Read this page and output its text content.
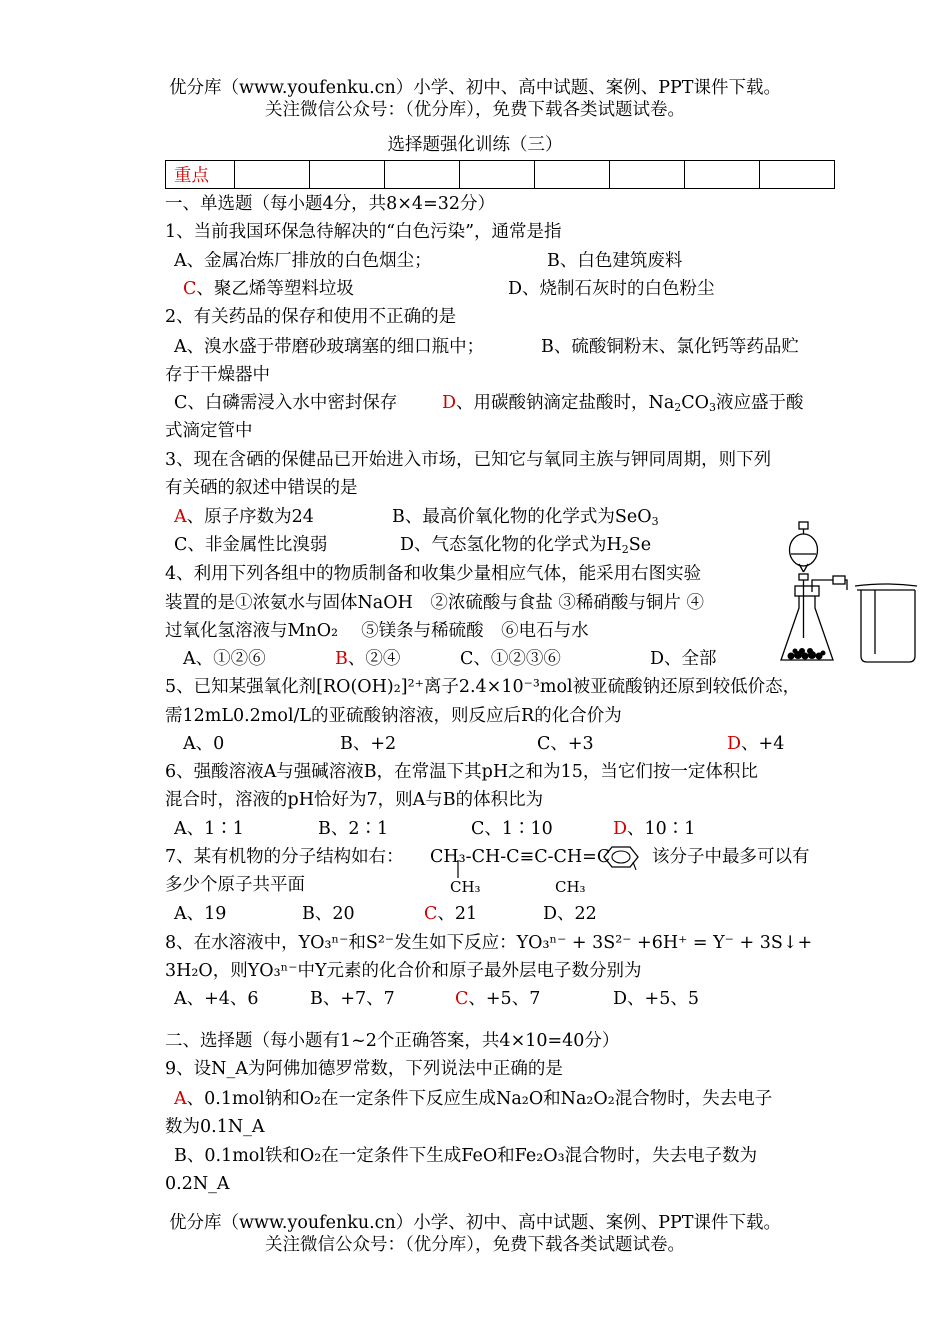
优分库（www.youfenku.cn）小学、初中、高中试题、案例、PPT课件下载。
关注微信公众号：（优分库），免费下载各类试题试卷。
选择题强化训练（三）
重点								
一、单选题（每小题4分，共8×4=32分）
1、当前我国环保急待解决的“白色污染”，通常是指
A、金属冶炼厂排放的白色烟尘；	B、白色建筑废料
C、聚乙烯等塑料垃圾	D、烧制石灰时的白色粉尘
2、有关药品的保存和使用不正确的是
A、溴水盛于带磨砂玻璃塞的细口瓶中；	B、硫酸铜粉末、氯化钙等药品贮
存于干燥器中
C、白磷需浸入水中密封保存	D、用碳酸钠滴定盐酸时，$Na_2CO_3$液应盛于酸
式滴定管中
3、现在含硒的保健品已开始进入市场，已知它与氧同主族与钾同周期，则下列
有关硒的叙述中错误的是
A、原子序数为24	B、最高价氧化物的化学式为SeO$_3$
C、非金属性比溴弱	D、气态氢化物的化学式为$H_2Se$
4、利用下列各组中的物质制备和收集少量相应气体，能采用右图实验
装置的是①浓氨水与固体NaOH　②浓硫酸与食盐 ③稀硝酸与铜片 ④
过氧化氢溶液与MnO₂　 ⑤镁条与稀硫酸　⑥电石与水
A、①②⑥	B、②④	C、①②③⑥	D、全部
5、已知某强氧化剂[RO(OH)₂]²⁺离子2.4×10⁻³mol被亚硫酸钠还原到较低价态，
需12mL0.2mol/L的亚硫酸钠溶液，则反应后R的化合价为
A、0	B、+2	C、+3	D、+4
6、强酸溶液A与强碱溶液B，在常温下其pH之和为15，当它们按一定体积比
混合时，溶液的pH恰好为7，则A与B的体积比为
A、1∶1	B、2∶1	C、1∶10	D、10∶1
7、某有机物的分子结构如右： CH₃-CH-C≡C-CH=C 该分子中最多可以有
CH₃	CH₃
多少个原子共平面
A、19	B、20	C、21	D、22
8、在水溶液中，YO₃ⁿ⁻和S²⁻发生如下反应：YO₃ⁿ⁻ + 3S²⁻ +6H⁺ = Y⁻ + 3S↓+
3H₂O，则YO₃ⁿ⁻中Y元素的化合价和原子最外层电子数分别为
A、+4、6	B、+7、7	C、+5、7	D、+5、5
二、选择题（每小题有1~2个正确答案，共4×10=40分）
9、设N_A为阿佛加德罗常数，下列说法中正确的是
A、0.1mol钠和O₂在一定条件下反应生成Na₂O和Na₂O₂混合物时，失去电子
数为0.1N_A
B、0.1mol铁和O₂在一定条件下生成FeO和Fe₂O₃混合物时，失去电子数为
0.2N_A
优分库（www.youfenku.cn）小学、初中、高中试题、案例、PPT课件下载。
关注微信公众号：（优分库），免费下载各类试题试卷。
